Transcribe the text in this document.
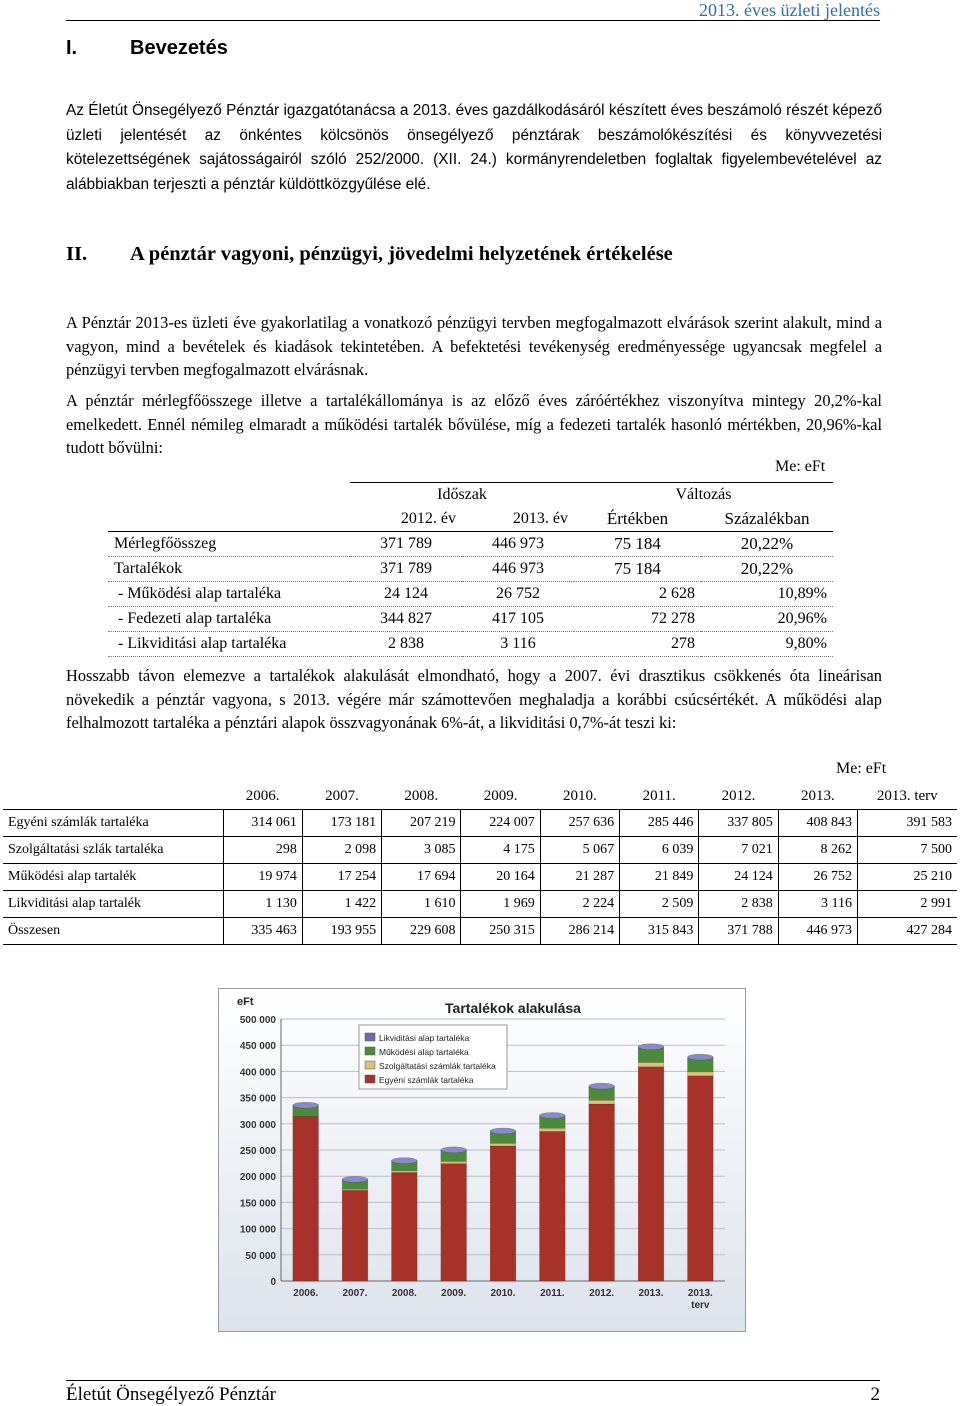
2013. éves üzleti jelentés
I.	Bevezetés

Az Életút Önsegélyező Pénztár igazgatótanácsa a 2013. éves gazdálkodásáról készített éves beszámoló részét képező üzleti jelentését az önkéntes kölcsönös önsegélyező pénztárak beszámolókészítési és könyvvezetési kötelezettségének sajátosságairól szóló 252/2000. (XII. 24.) kormányrendeletben foglaltak figyelembevételével az alábbiakban terjeszti a pénztár küldöttközgyűlése elé.

II. A pénztár vagyoni, pénzügyi, jövedelmi helyzetének értékelése

A Pénztár 2013-es üzleti éve gyakorlatilag a vonatkozó pénzügyi tervben megfogalmazott elvárások szerint alakult, mind a vagyon, mind a bevételek és kiadások tekintetében. A befektetési tevékenység eredményessége ugyancsak megfelel a pénzügyi tervben megfogalmazott elvárásnak.

A pénztár mérlegfőösszege illetve a tartalékállománya is az előző éves záróértékhez viszonyítva mintegy 20,2%-kal emelkedett. Ennél némileg elmaradt a működési tartalék bővülése, míg a fedezeti tartalék hasonló mértékben, 20,96%-kal tudott bővülni:

Me: eFt
	Időszak		Változás	
	2012. év	2013. év	Értékben	Százalékban
Mérlegfőösszeg	371 789	446 973	75 184	20,22%
Tartalékok	371 789	446 973	75 184	20,22%
- Működési alap tartaléka	24 124	26 752	2 628	10,89%
- Fedezeti alap tartaléka	344 827	417 105	72 278	20,96%
- Likviditási alap tartaléka	2 838	3 116	278	9,80%

Hosszabb távon elemezve a tartalékok alakulását elmondható, hogy a 2007. évi drasztikus csökkenés óta lineárisan növekedik a pénztár vagyona, s 2013. végére már számottevően meghaladja a korábbi csúcsértékét. A működési alap felhalmozott tartaléka a pénztári alapok összvagyonának 6%-át, a likviditási 0,7%-át teszi ki:

Me: eFt
	2006.	2007.	2008.	2009.	2010.	2011.	2012.	2013.	2013. terv
Egyéni számlák tartaléka	314 061	173 181	207 219	224 007	257 636	285 446	337 805	408 843	391 583
Szolgáltatási szlák tartaléka	298	2 098	3 085	4 175	5 067	6 039	7 021	8 262	7 500
Működési alap tartalék	19 974	17 254	17 694	20 164	21 287	21 849	24 124	26 752	25 210
Likviditási alap tartalék	1 130	1 422	1 610	1 969	2 224	2 509	2 838	3 116	2 991
Összesen	335 463	193 955	229 608	250 315	286 214	315 843	371 788	446 973	427 284
Tartalékok alakulása
eFt
0
50 000
100 000
150 000
200 000
250 000
300 000
350 000
400 000
450 000
500 000
2006. 2007. 2008. 2009. 2010. 2011. 2012. 2013. 2013.
terv
Likviditási alap tartaléka
Működési alap tartaléka
Szolgáltatási számlák tartaléka
Egyéni számlák tartaléka
Életút Önsegélyező Pénztár	2
